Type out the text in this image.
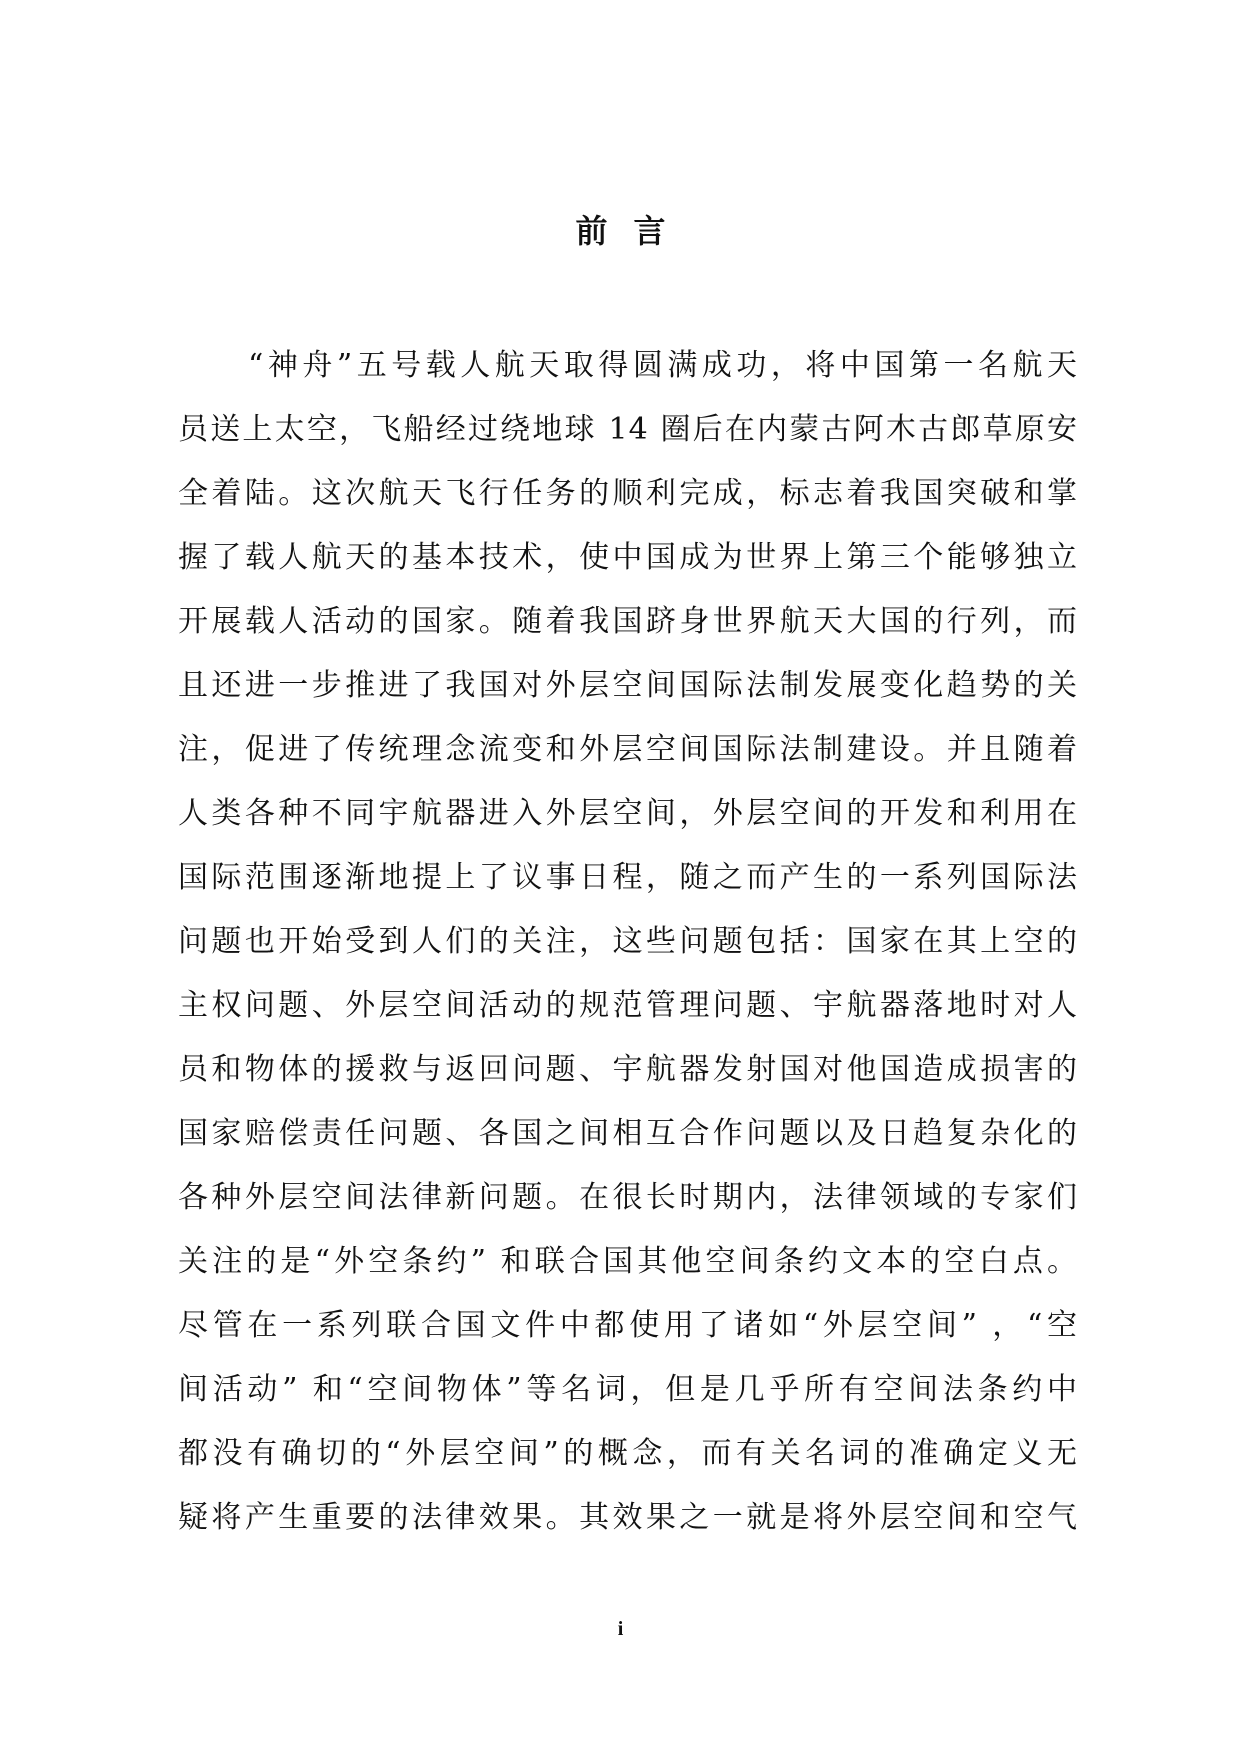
前言
“神舟”五号载人航天取得圆满成功，将中国第一名航天
员送上太空，飞船经过绕地球 14 圈后在内蒙古阿木古郎草原安
全着陆。这次航天飞行任务的顺利完成，标志着我国突破和掌
握了载人航天的基本技术，使中国成为世界上第三个能够独立
开展载人活动的国家。随着我国跻身世界航天大国的行列，而
且还进一步推进了我国对外层空间国际法制发展变化趋势的关
注，促进了传统理念流变和外层空间国际法制建设。并且随着
人类各种不同宇航器进入外层空间，外层空间的开发和利用在
国际范围逐渐地提上了议事日程，随之而产生的一系列国际法
问题也开始受到人们的关注，这些问题包括：国家在其上空的
主权问题、外层空间活动的规范管理问题、宇航器落地时对人
员和物体的援救与返回问题、宇航器发射国对他国造成损害的
国家赔偿责任问题、各国之间相互合作问题以及日趋复杂化的
各种外层空间法律新问题。在很长时期内，法律领域的专家们
关注的是“外空条约” 和联合国其他空间条约文本的空白点。
尽管在一系列联合国文件中都使用了诸如“外层空间” ，“空
间活动” 和“空间物体”等名词，但是几乎所有空间法条约中
都没有确切的“外层空间”的概念，而有关名词的准确定义无
疑将产生重要的法律效果。其效果之一就是将外层空间和空气
i
